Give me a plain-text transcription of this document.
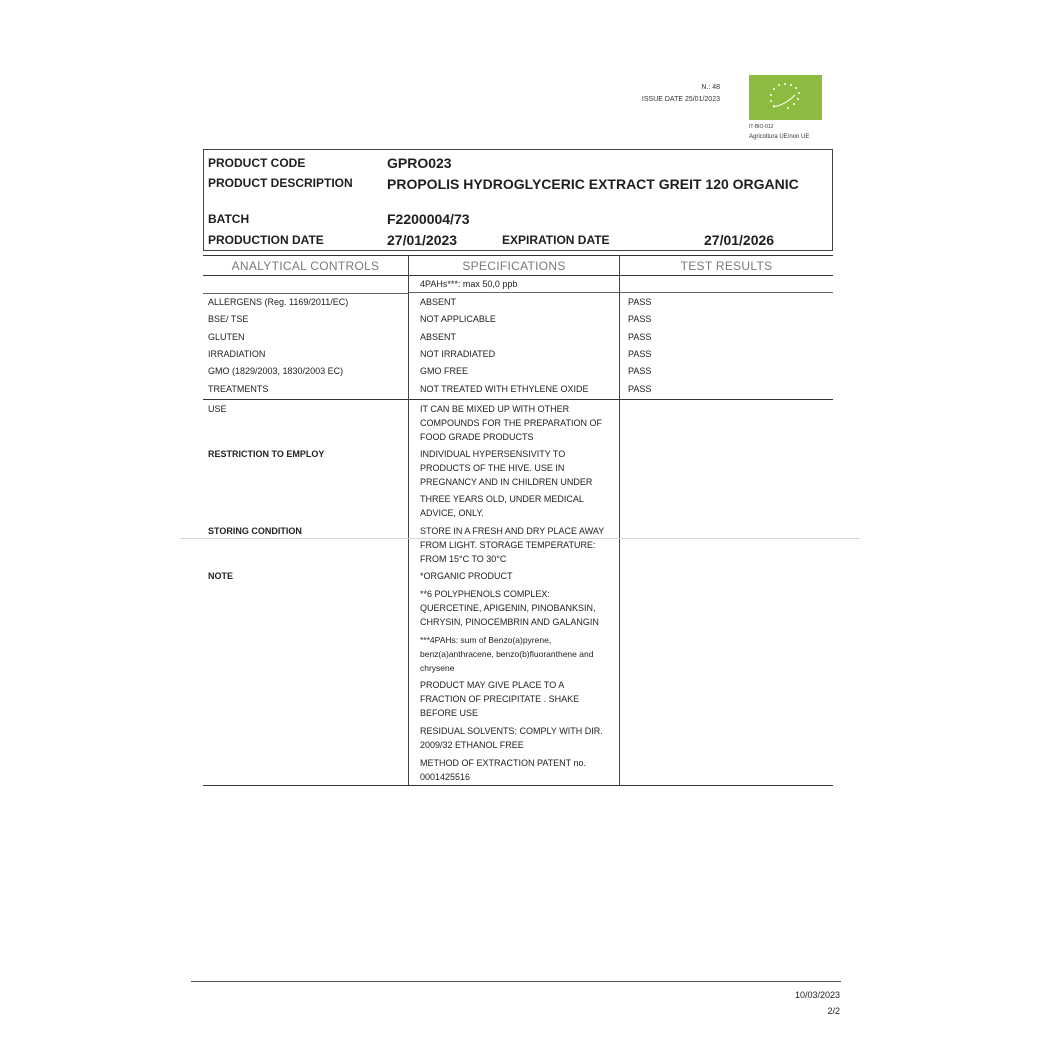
N.: 48
ISSUE DATE 25/01/2023
IT-BIO-012
Agricoltura UE/non UE
PRODUCT CODE	GPRO023
PRODUCT DESCRIPTION PROPOLIS HYDROGLYCERIC EXTRACT GREIT 120 ORGANIC
BATCH	F2200004/73
PRODUCTION DATE	27/01/2023	EXPIRATION DATE	27/01/2026
ANALYTICAL CONTROLS	SPECIFICATIONS	TEST RESULTS
4PAHs***: max 50,0 ppb
ALLERGENS (Reg. 1169/2011/EC)	ABSENT	PASS
BSE/ TSE	NOT APPLICABLE	PASS
GLUTEN	ABSENT	PASS
IRRADIATION	NOT IRRADIATED	PASS
GMO (1829/2003, 1830/2003 EC)	GMO FREE	PASS
TREATMENTS	NOT TREATED WITH ETHYLENE OXIDE	PASS
USE	IT CAN BE MIXED UP WITH OTHER
COMPOUNDS FOR THE PREPARATION OF
FOOD GRADE PRODUCTS
RESTRICTION TO EMPLOY	INDIVIDUAL HYPERSENSIVITY TO
PRODUCTS OF THE HIVE. USE IN
PREGNANCY AND IN CHILDREN UNDER
THREE YEARS OLD, UNDER MEDICAL
ADVICE, ONLY.
STORING CONDITION	STORE IN A FRESH AND DRY PLACE AWAY
FROM LIGHT. STORAGE TEMPERATURE:
FROM 15°C TO 30°C
NOTE	*ORGANIC PRODUCT
**6 POLYPHENOLS COMPLEX:
QUERCETINE, APIGENIN, PINOBANKSIN,
CHRYSIN, PINOCEMBRIN AND GALANGIN
***4PAHs: sum of Benzo(a)pyrene,
benz(a)anthracene, benzo(b)fluoranthene and
chrysene
PRODUCT MAY GIVE PLACE TO A
FRACTION OF PRECIPITATE . SHAKE
BEFORE USE
RESIDUAL SOLVENTS: COMPLY WITH DIR.
2009/32 ETHANOL FREE
METHOD OF EXTRACTION PATENT no.
0001425516
10/03/2023
2/2
